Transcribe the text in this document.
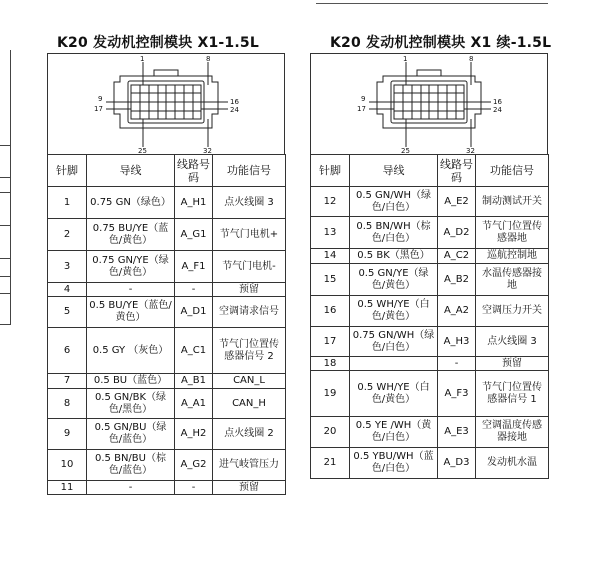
K20 发动机控制模块 X1-1.5L	K20 发动机控制模块 X1 续-1.5L
1	8
9
17
16
24
25	32
针脚	导线	线路号码	功能信号
1	0.75 GN（绿色）	A_H1	点火线圈 3
2	0.75 BU/YE（蓝色/黄色）	A_G1	节气门电机+
3	0.75 GN/YE（绿色/黄色）	A_F1	节气门电机-
4	-	-	预留
5	0.5 BU/YE（蓝色/黄色）	A_D1	空调请求信号
6	0.5 GY （灰色）	A_C1	节气门位置传感器信号 2
7	0.5 BU（蓝色）	A_B1	CAN_L
8	0.5 GN/BK（绿色/黑色）	A_A1	CAN_H
9	0.5 GN/BU（绿色/蓝色）	A_H2	点火线圈 2
10	0.5 BN/BU（棕色/蓝色）	A_G2	进气岐管压力
11	-	-	预留
1	8
9
17
16
24
25	32
针脚	导线	线路号码	功能信号
12	0.5 GN/WH（绿色/白色）	A_E2	制动测试开关
13	0.5 BN/WH（棕色/白色）	A_D2	节气门位置传感器地
14	0.5 BK（黑色）	A_C2	巡航控制地
15	0.5 GN/YE（绿色/黄色）	A_B2	水温传感器接地
16	0.5 WH/YE（白色/黄色）	A_A2	空调压力开关
17	0.75 GN/WH（绿色/白色）	A_H3	点火线圈 3
18		-	预留
19	0.5 WH/YE（白色/黄色）	A_F3	节气门位置传感器信号 1
20	0.5 YE /WH（黄色/白色）	A_E3	空调温度传感器接地
21	0.5 YBU/WH（蓝色/白色）	A_D3	发动机水温
